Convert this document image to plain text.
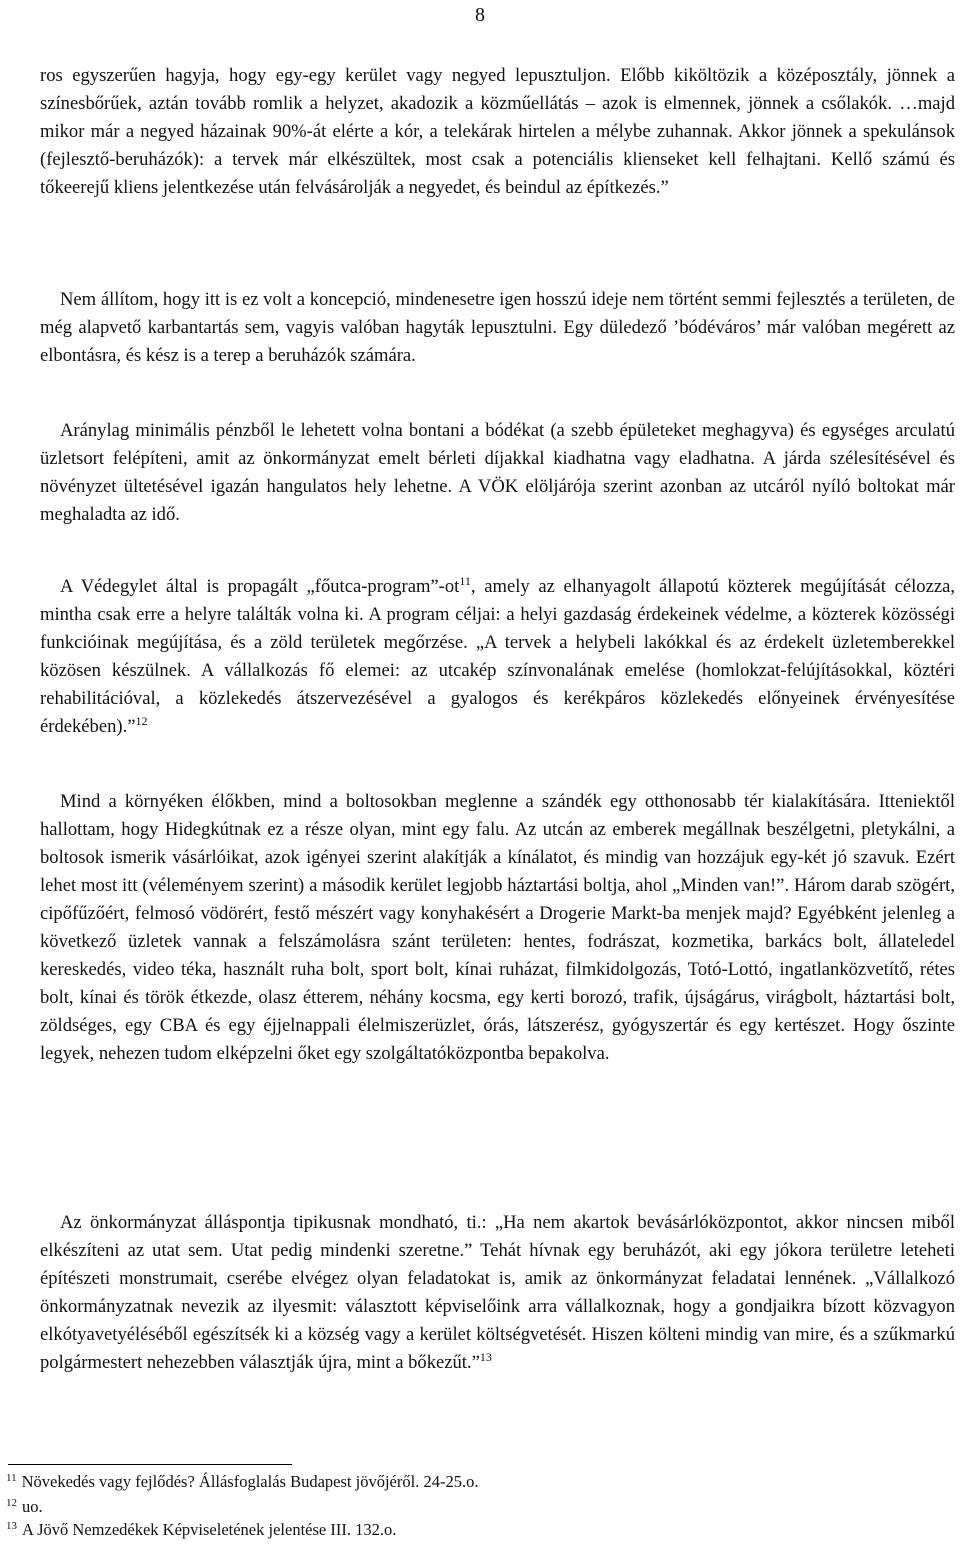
8

ros egyszerűen hagyja, hogy egy-egy kerület vagy negyed lepusztuljon. Előbb kiköltözik a középosztály, jönnek a színesbőrűek, aztán tovább romlik a helyzet, akadozik a közműellátás – azok is elmennek, jönnek a csőlakók. …majd mikor már a negyed házainak 90%-át elérte a kór, a telekárak hirtelen a mélybe zuhannak. Akkor jönnek a spekulánsok (fejlesztő-beruházók): a tervek már elkészültek, most csak a potenciális klienseket kell felhajtani. Kellő számú és tőkeerejű kliens jelentkezése után felvásárolják a negyedet, és beindul az építkezés.”

Nem állítom, hogy itt is ez volt a koncepció, mindenesetre igen hosszú ideje nem történt semmi fejlesztés a területen, de még alapvető karbantartás sem, vagyis valóban hagyták lepusztulni. Egy düledező ’bódéváros’ már valóban megérett az elbontásra, és kész is a terep a beruházók számára.

Aránylag minimális pénzből le lehetett volna bontani a bódékat (a szebb épületeket meghagyva) és egységes arculatú üzletsort felépíteni, amit az önkormányzat emelt bérleti díjakkal kiadhatna vagy eladhatna. A járda szélesítésével és növényzet ültetésével igazán hangulatos hely lehetne. A VÖK elöljárója szerint azonban az utcáról nyíló boltokat már meghaladta az idő.

A Védegylet által is propagált $„főutca-program”-ot^{11}$, amely az elhanyagolt állapotú közterek megújítását célozza, mintha csak erre a helyre találták volna ki. A program céljai: a helyi gazdaság érdekeinek védelme, a közterek közösségi funkcióinak megújítása, és a zöld területek megőrzése. „A tervek a helybeli lakókkal és az érdekelt üzletemberekkel közösen készülnek. A vállalkozás fő elemei: az utcakép színvonalának emelése (homlokzat-felújításokkal, köztéri rehabilitációval, a közlekedés átszervezésével a gyalogos és kerékpáros közlekedés előnyeinek érvényesítése érdekében).”$^{12}$

Mind a környéken élőkben, mind a boltosokban meglenne a szándék egy otthonosabb tér kialakítására. Itteniektől hallottam, hogy Hidegkútnak ez a része olyan, mint egy falu. Az utcán az emberek megállnak beszélgetni, pletykálni, a boltosok ismerik vásárlóikat, azok igényei szerint alakítják a kínálatot, és mindig van hozzájuk egy-két jó szavuk. Ezért lehet most itt (véleményem szerint) a második kerület legjobb háztartási boltja, ahol „Minden van!”. Három darab szögért, cipőfűzőért, felmosó vödörért, festő mészért vagy konyhakésért a Drogerie Markt-ba menjek majd? Egyébként jelenleg a következő üzletek vannak a felszámolásra szánt területen: hentes, fodrászat, kozmetika, barkács bolt, állateledel kereskedés, video téka, használt ruha bolt, sport bolt, kínai ruházat, filmkidolgozás, Totó-Lottó, ingatlanközvetítő, rétes bolt, kínai és török étkezde, olasz étterem, néhány kocsma, egy kerti borozó, trafik, újságárus, virágbolt, háztartási bolt, zöldséges, egy CBA és egy éjjelnappali élelmiszerüzlet, órás, látszerész, gyógyszertár és egy kertészet. Hogy őszinte legyek, nehezen tudom elképzelni őket egy szolgáltatóközpontba bepakolva.

Az önkormányzat álláspontja tipikusnak mondható, ti.: „Ha nem akartok bevásárlóközpontot, akkor nincsen miből elkészíteni az utat sem. Utat pedig mindenki szeretne.” Tehát hívnak egy beruházót, aki egy jókora területre leteheti építészeti monstrumait, cserébe elvégez olyan feladatokat is, amik az önkormányzat feladatai lennének. „Vállalkozó önkormányzatnak nevezik az ilyesmit: választott képviselőink arra vállalkoznak, hogy a gondjaikra bízott közvagyon elkótyavetyéléséből egészítsék ki a község vagy a kerület költségvetését. Hiszen költeni mindig van mire, és a szűkmarkú polgármestert nehezebben választják újra, mint a bőkezűt.”$^{13}$

$^{11}$ Növekedés vagy fejlődés? Állásfoglalás Budapest jövőjéről. 24-25.o.
$^{12}$ uo.
$^{13}$ A Jövő Nemzedékek Képviseletének jelentése III. 132.o.
